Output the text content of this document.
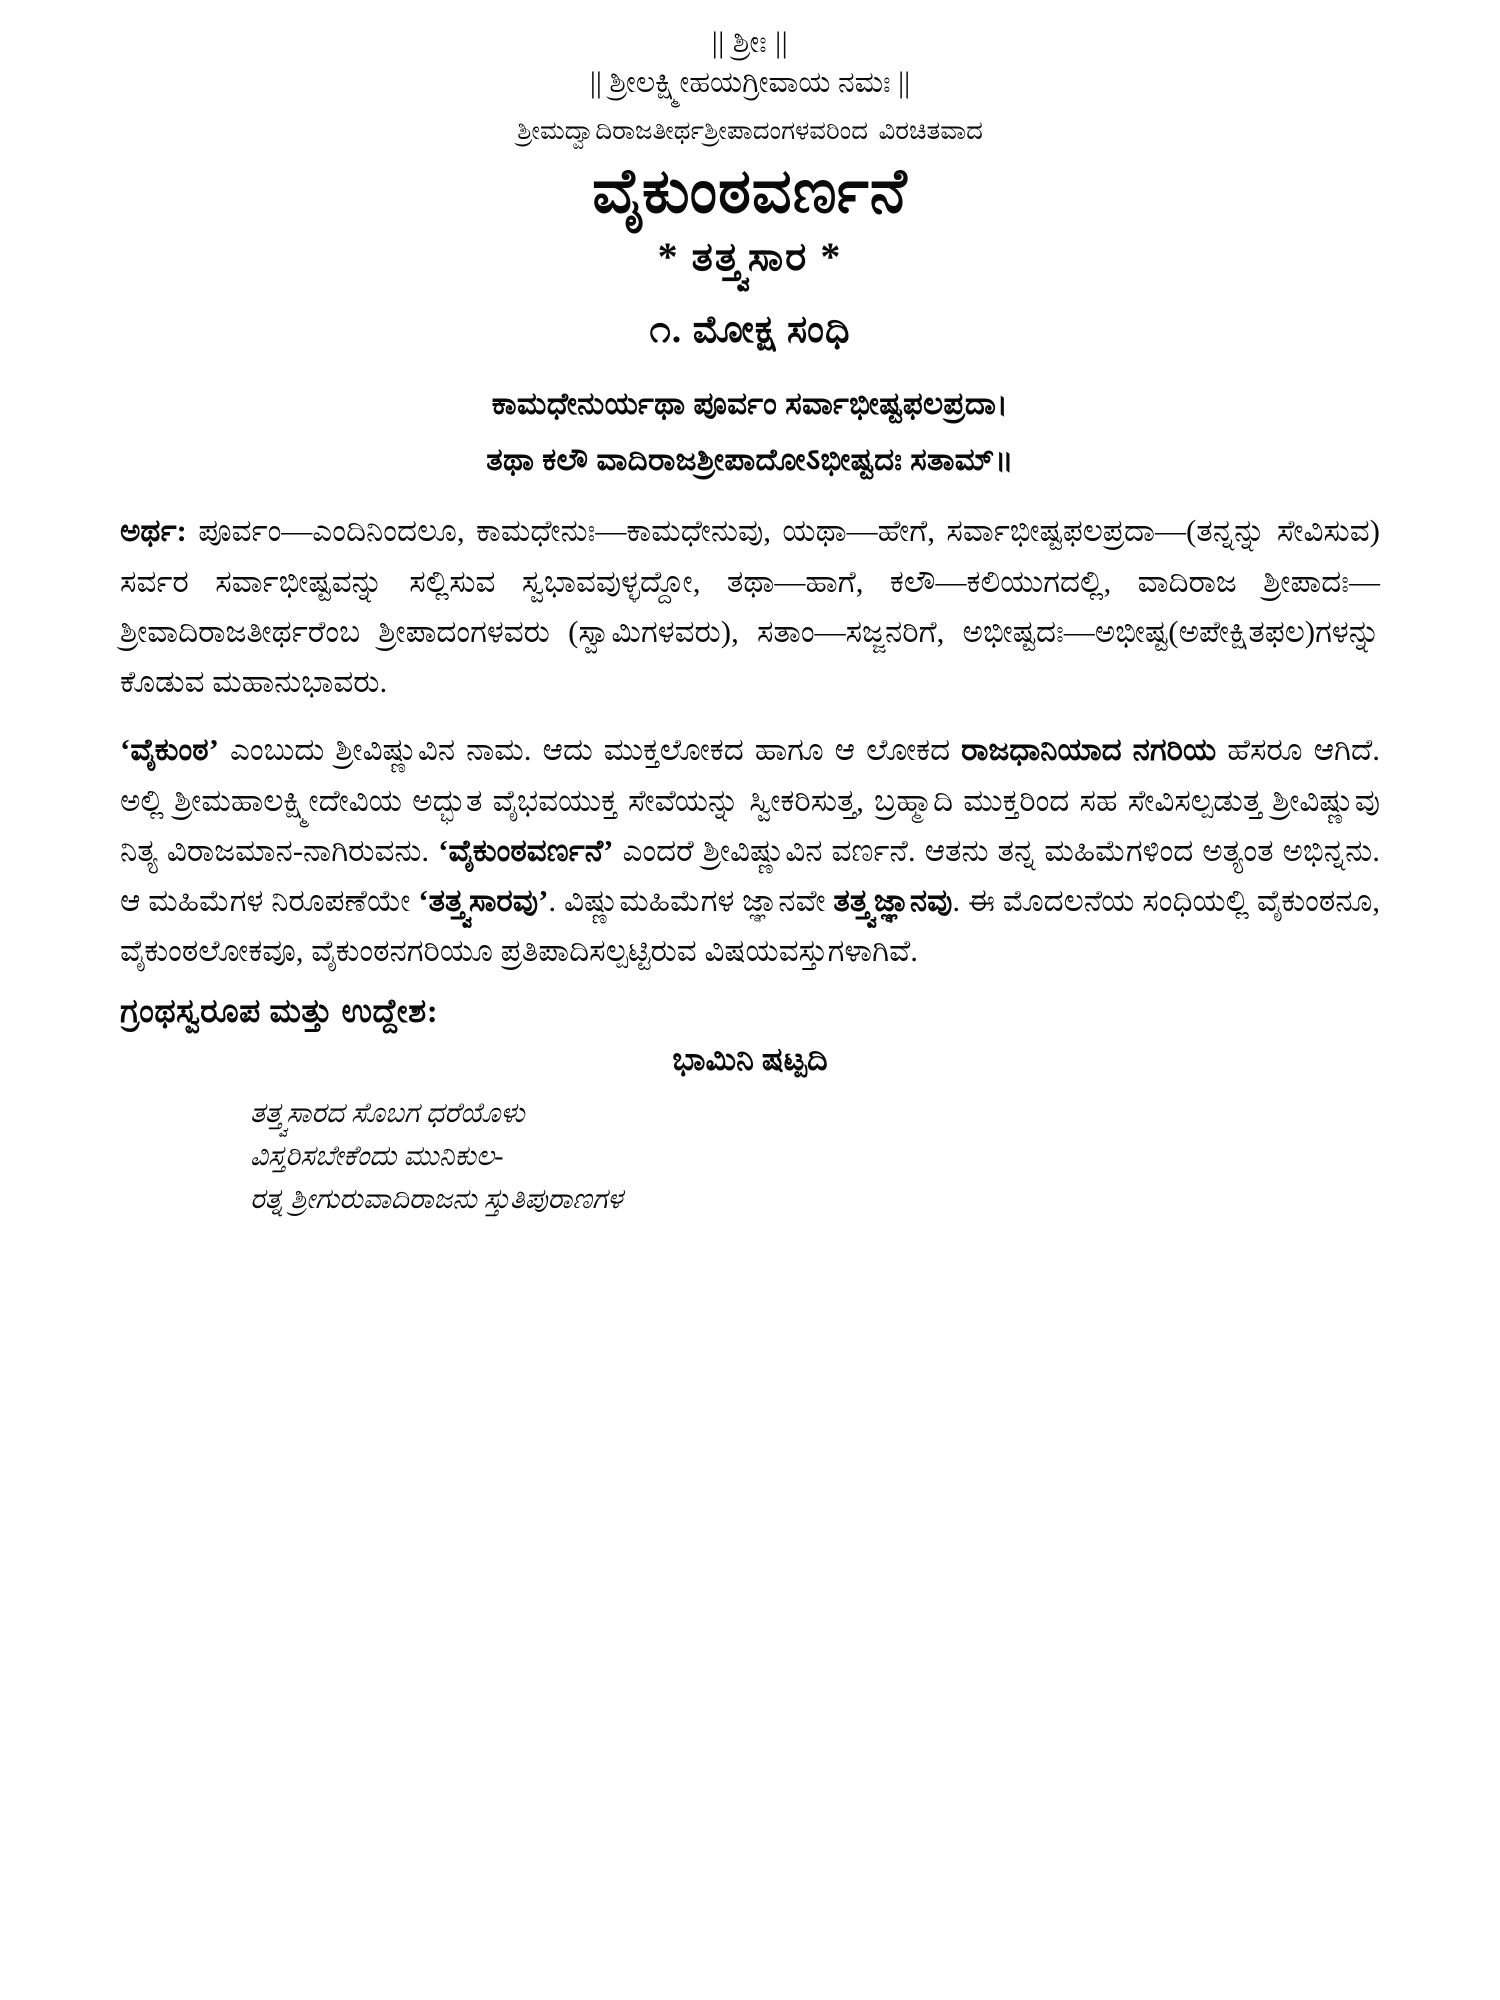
|| ಶ್ರೀಃ ||
|| ಶ್ರೀಲಕ್ಷ್ಮೀಹಯಗ್ರೀವಾಯ ನಮಃ ||
ಶ್ರೀಮದ್ವಾದಿರಾಜತೀರ್ಥಶ್ರೀಪಾದಂಗಳವರಿಂದ ವಿರಚಿತವಾದ
ವೈಕುಂಠವರ್ಣನೆ
* ತತ್ತ್ವಸಾರ *
೧. ಮೋಕ್ಷ ಸಂಧಿ
ಕಾಮಧೇನುರ್ಯಥಾ ಪೂರ್ವಂ ಸರ್ವಾಭೀಷ್ಟಫಲಪ್ರದಾ।
ತಥಾ ಕಲೌ ವಾದಿರಾಜಶ್ರೀಪಾದೋऽಭೀಷ್ಟದಃ ಸತಾಮ್॥
ಅರ್ಥ: ಪೂರ್ವಂ—ಎಂದಿನಿಂದಲೂ, ಕಾಮಧೇನುಃ—ಕಾಮಧೇನುವು, ಯಥಾ—ಹೇಗೆ, ಸರ್ವಾಭೀಷ್ಟಫಲಪ್ರದಾ—(ತನ್ನನ್ನು ಸೇವಿಸುವ) ಸರ್ವರ ಸರ್ವಾಭೀಷ್ಟವನ್ನು ಸಲ್ಲಿಸುವ ಸ್ವಭಾವವುಳ್ಳದ್ದೋ, ತಥಾ—ಹಾಗೆ, ಕಲೌ—ಕಲಿಯುಗದಲ್ಲಿ, ವಾದಿರಾಜ ಶ್ರೀಪಾದಃ—ಶ್ರೀವಾದಿರಾಜತೀರ್ಥರೆಂಬ ಶ್ರೀಪಾದಂಗಳವರು (ಸ್ವಾಮಿಗಳವರು), ಸತಾಂ—ಸಜ್ಜನರಿಗೆ, ಅಭೀಷ್ಟದಃ—ಅಭೀಷ್ಟ(ಅಪೇಕ್ಷಿತಫಲ)ಗಳನ್ನು ಕೊಡುವ ಮಹಾನುಭಾವರು.
‘ವೈಕುಂಠ’ ಎಂಬುದು ಶ್ರೀವಿಷ್ಣುವಿನ ನಾಮ. ಆದು ಮುಕ್ತಲೋಕದ ಹಾಗೂ ಆ ಲೋಕದ ರಾಜಧಾನಿಯಾದ ನಗರಿಯ ಹೆಸರೂ ಆಗಿದೆ. ಅಲ್ಲಿ ಶ್ರೀಮಹಾಲಕ್ಷ್ಮೀದೇವಿಯ ಅದ್ಭುತ ವೈಭವಯುಕ್ತ ಸೇವೆಯನ್ನು ಸ್ವೀಕರಿಸುತ್ತ, ಬ್ರಹ್ಮಾದಿ ಮುಕ್ತರಿಂದ ಸಹ ಸೇವಿಸಲ್ಪಡುತ್ತ ಶ್ರೀವಿಷ್ಣುವು ನಿತ್ಯ ವಿರಾಜಮಾನ-ನಾಗಿರುವನು. ‘ವೈಕುಂಠವರ್ಣನೆ’ ಎಂದರೆ ಶ್ರೀವಿಷ್ಣುವಿನ ವರ್ಣನೆ. ಆತನು ತನ್ನ ಮಹಿಮೆಗಳಿಂದ ಅತ್ಯಂತ ಅಭಿನ್ನನು. ಆ ಮಹಿಮೆಗಳ ನಿರೂಪಣೆಯೇ ‘ತತ್ತ್ವಸಾರವು’. ವಿಷ್ಣುಮಹಿಮೆಗಳ ಜ್ಞಾನವೇ ತತ್ತ್ವಜ್ಞಾನವು. ಈ ಮೊದಲನೆಯ ಸಂಧಿಯಲ್ಲಿ ವೈಕುಂಠನೂ, ವೈಕುಂಠಲೋಕವೂ, ವೈಕುಂಠನಗರಿಯೂ ಪ್ರತಿಪಾದಿಸಲ್ಪಟ್ಟಿರುವ ವಿಷಯವಸ್ತುಗಳಾಗಿವೆ.
ಗ್ರಂಥಸ್ವರೂಪ ಮತ್ತು ಉದ್ದೇಶ:
ಭಾಮಿನಿ ಷಟ್ಪದಿ
ತತ್ತ್ವಸಾರದ ಸೊಬಗ ಧರೆಯೊಳು
ವಿಸ್ತರಿಸಬೇಕೆಂದು ಮುನಿಕುಲ-
ರತ್ನ ಶ್ರೀಗುರುವಾದಿರಾಜನು ಸ್ತುತಿಪುರಾಣಗಳ
